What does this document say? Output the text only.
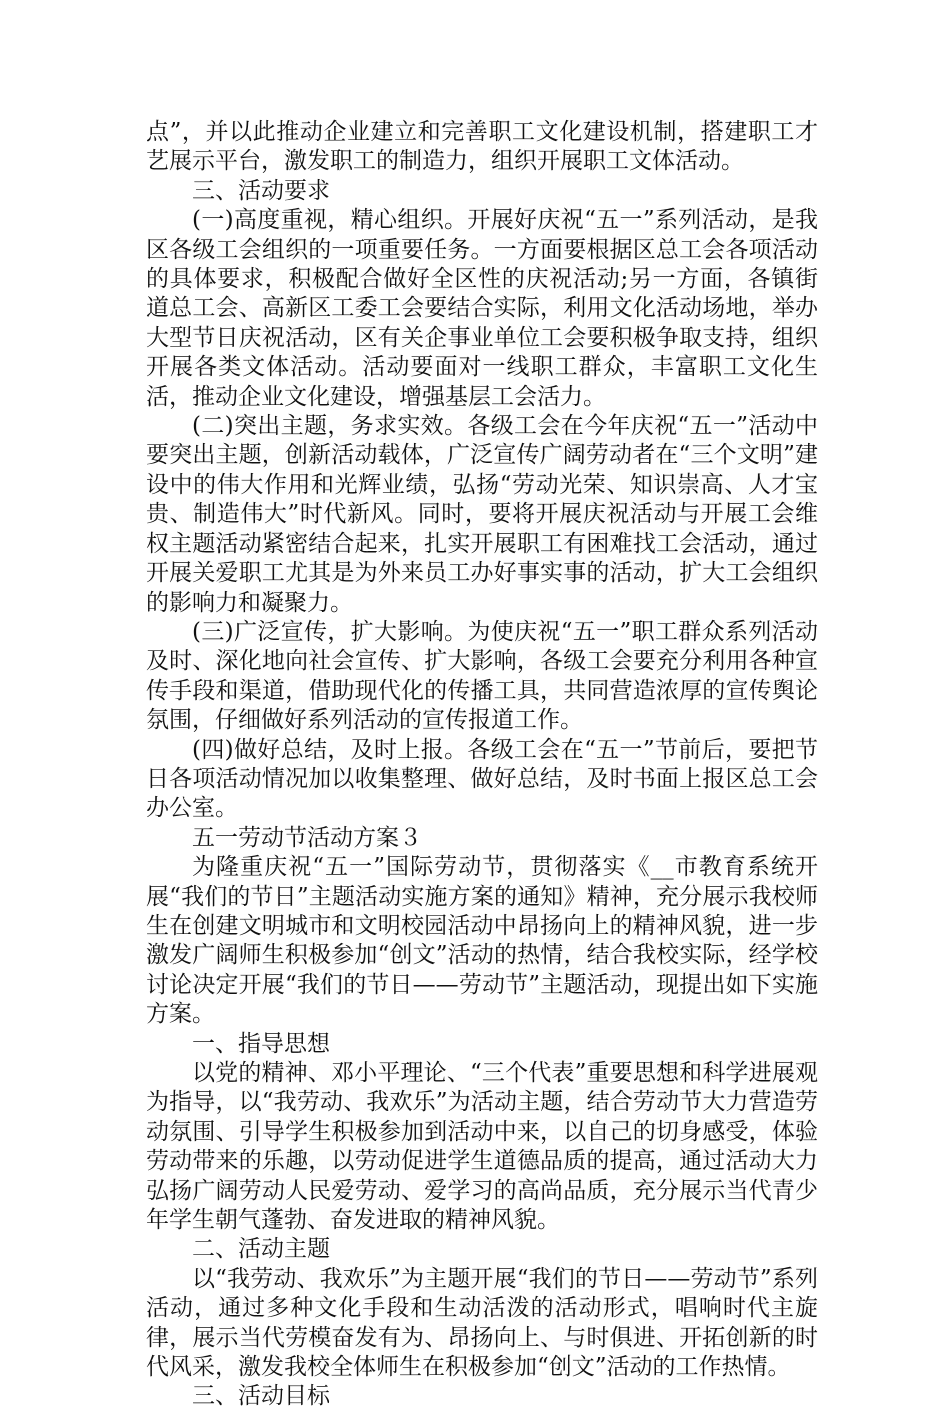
点”，并以此推动企业建立和完善职工文化建设机制，搭建职工才艺展示平台，激发职工的制造力，组织开展职工文体活动。

三、活动要求

(一)高度重视，精心组织。开展好庆祝“五一”系列活动，是我区各级工会组织的一项重要任务。一方面要根据区总工会各项活动的具体要求，积极配合做好全区性的庆祝活动;另一方面，各镇街道总工会、高新区工委工会要结合实际，利用文化活动场地，举办大型节日庆祝活动，区有关企事业单位工会要积极争取支持，组织开展各类文体活动。活动要面对一线职工群众，丰富职工文化生活，推动企业文化建设，增强基层工会活力。

(二)突出主题，务求实效。各级工会在今年庆祝“五一”活动中要突出主题，创新活动载体，广泛宣传广阔劳动者在“三个文明”建设中的伟大作用和光辉业绩，弘扬“劳动光荣、知识崇高、人才宝贵、制造伟大”时代新风。同时，要将开展庆祝活动与开展工会维权主题活动紧密结合起来，扎实开展职工有困难找工会活动，通过开展关爱职工尤其是为外来员工办好事实事的活动，扩大工会组织的影响力和凝聚力。

(三)广泛宣传，扩大影响。为使庆祝“五一”职工群众系列活动及时、深化地向社会宣传、扩大影响，各级工会要充分利用各种宣传手段和渠道，借助现代化的传播工具，共同营造浓厚的宣传舆论氛围，仔细做好系列活动的宣传报道工作。

(四)做好总结，及时上报。各级工会在“五一”节前后，要把节日各项活动情况加以收集整理、做好总结，及时书面上报区总工会办公室。

五一劳动节活动方案３

为隆重庆祝“五一”国际劳动节，贯彻落实《__市教育系统开展“我们的节日”主题活动实施方案的通知》精神，充分展示我校师生在创建文明城市和文明校园活动中昂扬向上的精神风貌，进一步激发广阔师生积极参加“创文”活动的热情，结合我校实际，经学校讨论决定开展“我们的节日——劳动节”主题活动，现提出如下实施方案。

一、指导思想

以党的精神、邓小平理论、“三个代表”重要思想和科学进展观为指导，以“我劳动、我欢乐”为活动主题，结合劳动节大力营造劳动氛围、引导学生积极参加到活动中来，以自己的切身感受，体验劳动带来的乐趣，以劳动促进学生道德品质的提高，通过活动大力弘扬广阔劳动人民爱劳动、爱学习的高尚品质，充分展示当代青少年学生朝气蓬勃、奋发进取的精神风貌。

二、活动主题

以“我劳动、我欢乐”为主题开展“我们的节日——劳动节”系列活动，通过多种文化手段和生动活泼的活动形式，唱响时代主旋律，展示当代劳模奋发有为、昂扬向上、与时俱进、开拓创新的时代风采，激发我校全体师生在积极参加“创文”活动的工作热情。

三、活动目标
